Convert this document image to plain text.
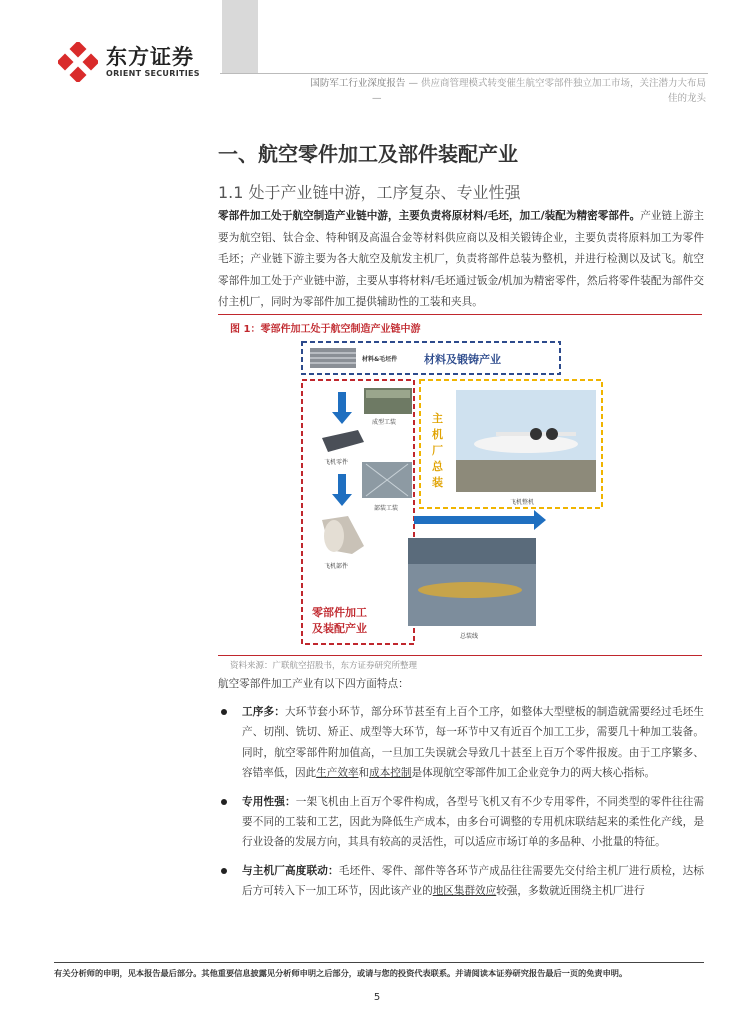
东方证券
ORIENT SECURITIES
国防军工行业深度报告 — 供应商管理模式转变催生航空零部件独立加工市场，关注潜力大布局
—	佳的龙头
一、航空零件加工及部件装配产业
1.1 处于产业链中游，工序复杂、专业性强
零部件加工处于航空制造产业链中游，主要负责将原材料/毛坯，加工/装配为精密零部件。产业链上游主要为航空铝、钛合金、特种钢及高温合金等材料供应商以及相关锻铸企业，主要负责将原料加工为零件毛坯；产业链下游主要为各大航空及航发主机厂，负责将部件总装为整机，并进行检测以及试飞。航空零部件加工处于产业链中游，主要从事将材料/毛坯通过钣金/机加为精密零件，然后将零件装配为部件交付主机厂，同时为零部件加工提供辅助性的工装和夹具。
图 1：零部件加工处于航空制造产业链中游
材料&毛坯件 材料及锻铸产业
成型工装
飞机零件
部装工装
飞机部件
主
机
厂
总
装
飞机整机
总装线
零部件加工
及装配产业
资料来源：广联航空招股书，东方证券研究所整理
航空零部件加工产业有以下四方面特点：
工序多：大环节套小环节，部分环节甚至有上百个工序，如整体大型壁板的制造就需要经过毛坯生产、切削、铣切、矫正、成型等大环节，每一环节中又有近百个加工工步，需要几十种加工装备。同时，航空零部件附加值高，一旦加工失误就会导致几十甚至上百万个零件报废。由于工序繁多、容错率低，因此生产效率和成本控制是体现航空零部件加工企业竞争力的两大核心指标。
专用性强：一架飞机由上百万个零件构成，各型号飞机又有不少专用零件，不同类型的零件往往需要不同的工装和工艺，因此为降低生产成本，由多台可调整的专用机床联结起来的柔性化产线，是行业设备的发展方向，其具有较高的灵活性，可以适应市场订单的多品种、小批量的特征。
与主机厂高度联动：毛坯件、零件、部件等各环节产成品往往需要先交付给主机厂进行质检，达标后方可转入下一加工环节，因此该产业的地区集群效应较强，多数就近围绕主机厂进行
有关分析师的申明，见本报告最后部分。其他重要信息披露见分析师申明之后部分，或请与您的投资代表联系。并请阅读本证券研究报告最后一页的免责申明。
5
